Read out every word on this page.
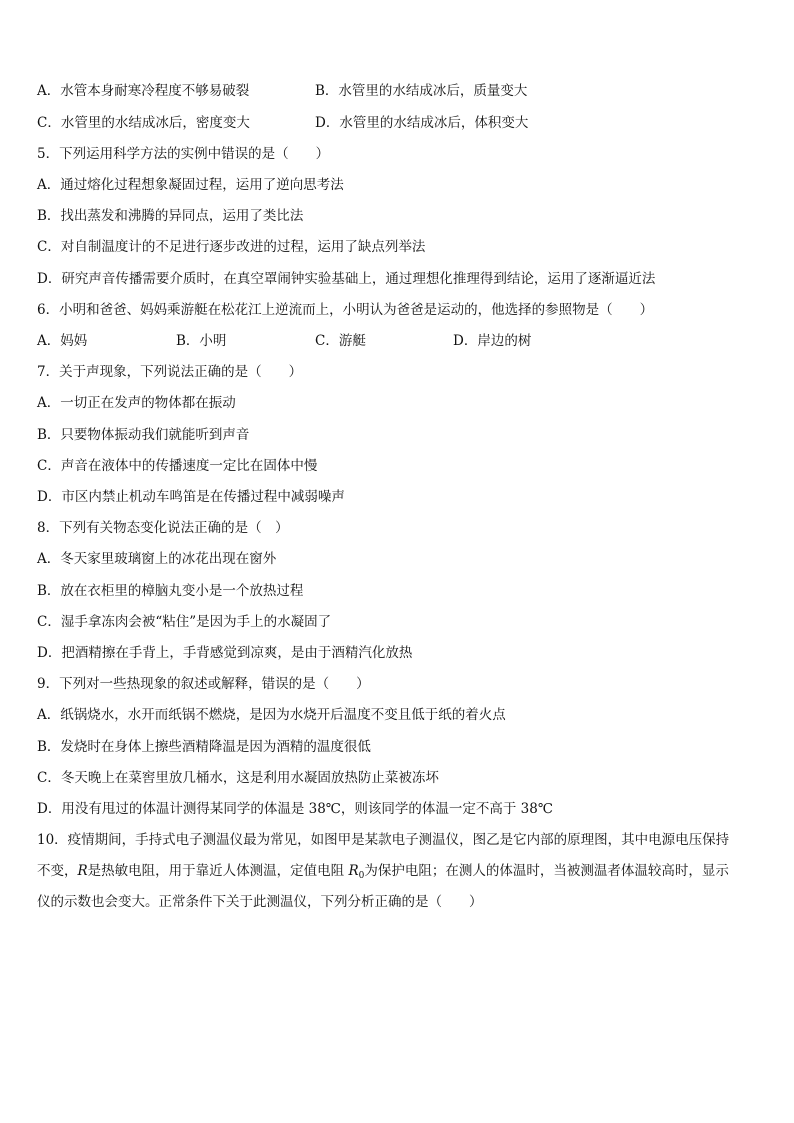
A．水管本身耐寒冷程度不够易破裂	B．水管里的水结成冰后，质量变大
C．水管里的水结成冰后，密度变大	D．水管里的水结成冰后，体积变大
5．下列运用科学方法的实例中错误的是（　　）
A．通过熔化过程想象凝固过程，运用了逆向思考法
B．找出蒸发和沸腾的异同点，运用了类比法
C．对自制温度计的不足进行逐步改进的过程，运用了缺点列举法
D．研究声音传播需要介质时，在真空罩闹钟实验基础上，通过理想化推理得到结论，运用了逐渐逼近法
6．小明和爸爸、妈妈乘游艇在松花江上逆流而上，小明认为爸爸是运动的，他选择的参照物是（　　）
A．妈妈	B．小明	C．游艇	D．岸边的树
7．关于声现象，下列说法正确的是（　　）
A．一切正在发声的物体都在振动
B．只要物体振动我们就能听到声音
C．声音在液体中的传播速度一定比在固体中慢
D．市区内禁止机动车鸣笛是在传播过程中减弱噪声
8．下列有关物态变化说法正确的是（　）
A．冬天家里玻璃窗上的冰花出现在窗外
B．放在衣柜里的樟脑丸变小是一个放热过程
C．湿手拿冻肉会被“粘住”是因为手上的水凝固了
D．把酒精擦在手背上，手背感觉到凉爽，是由于酒精汽化放热
9．下列对一些热现象的叙述或解释，错误的是（　　）
A．纸锅烧水，水开而纸锅不燃烧，是因为水烧开后温度不变且低于纸的着火点
B．发烧时在身体上擦些酒精降温是因为酒精的温度很低
C．冬天晚上在菜窖里放几桶水，这是利用水凝固放热防止菜被冻坏
D．用没有甩过的体温计测得某同学的体温是 38℃，则该同学的体温一定不高于 38℃
10．疫情期间，手持式电子测温仪最为常见，如图甲是某款电子测温仪，图乙是它内部的原理图，其中电源电压保持
不变，R是热敏电阻，用于靠近人体测温，定值电阻 $R_0$为保护电阻；在测人的体温时，当被测温者体温较高时，显示
仪的示数也会变大。正常条件下关于此测温仪，下列分析正确的是（　　）
